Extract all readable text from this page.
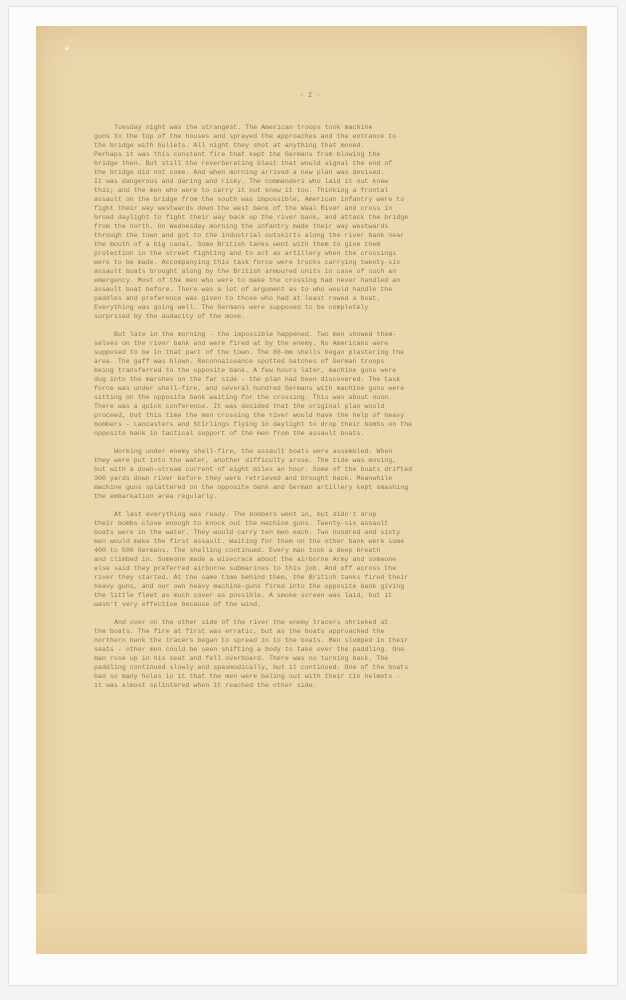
+
- 2 -
Tuesday night was the strangest. The American troops took machine
guns to the top of the houses and sprayed the approaches and the entrance to
the bridge with bullets. All night they shot at anything that moved.
Perhaps it was this constant fire that kept the Germans from blowing the
bridge then. But still the reverberating blast that would signal the end of
the bridge did not come. And when morning arrived a new plan was devised.
It was dangerous and daring and risky. The commanders who laid it out knew
this; and the men who were to carry it out knew it too. Thinking a frontal
assault on the bridge from the south was impossible, American infantry were to
fight their way westwards down the west bank of the Waal River and cross in
broad daylight to fight their way back up the river bank, and attack the bridge
from the north. On Wednesday morning the infantry made their way westwards
through the town and got to the industrial outskirts along the river bank near
the mouth of a big canal. Some British tanks went with them to give them
protection in the street fighting and to act as artillery when the crossings
were to be made. Accompanying this task force were trucks carrying twenty-six
assault boats brought along by the British armoured units in case of such an
emergency. Most of the men who were to make the crossing had never handled an
assault boat before. There was a lot of argument as to who would handle the
paddles and preference was given to those who had at least rowed a boat.
Everything was going well. The Germans were supposed to be completely
surprised by the audacity of the move.
But late in the morning - the impossible happened. Two men showed them-
selves on the river bank and were fired at by the enemy. No Americans were
supposed to be in that part of the town. The 88-mm shells began plastering the
area. The gaff was blown. Reconnaissance spotted batches of German troops
being transferred to the opposite bank. A few hours later, machine guns were
dug into the marshes on the far side - the plan had been discovered. The task
force was under shell-fire, and several hundred Germans with machine guns were
sitting on the opposite bank waiting for the crossing. This was about noon.
There was a quick conference. It was decided that the original plan would
proceed, but this time the men crossing the river would have the help of heavy
bombers - Lancasters and Stirlings flying in daylight to drop their bombs on the
opposite bank in tactical support of the men from the assault boats.
Working under enemy shell-fire, the assault boats were assembled. When
they were put into the water, another difficulty arose. The tide was moving,
but with a down-stream current of eight miles an hour. Some of the boats drifted
300 yards down river before they were retrieved and brought back. Meanwhile
machine guns splattered on the opposite bank and German artillery kept smashing
the embarkation area regularly.
At last everything was ready. The bombers went in, but didn't drop
their bombs close enough to knock out the machine guns. Twenty-six assault
boats were in the water. They would carry ten men each. Two hundred and sixty
men would make the first assault. Waiting for them on the other bank were some
400 to 500 Germans. The shelling continued. Every man took a deep breath
and climbed in. Someone made a wisecrack about the airborne Army and someone
else said they preferred airborne submarines to this job. And off across the
river they started. At the same time behind them, the British tanks fired their
heavy guns, and our own heavy machine-guns fired into the opposite bank giving
the little fleet as much cover as possible. A smoke screen was laid, but it
wasn't very effective because of the wind.
And over on the other side of the river the enemy tracers shrieked at
the boats. The fire at first was erratic, but as the boats approached the
northern bank the tracers began to spread in to the boats. Men slumped in their
seats - other men could be seen shifting a body to take over the paddling. One
man rose up in his seat and fell overboard. There was no turning back. The
paddling continued slowly and spasmodically, but it continued. One of the boats
had so many holes in it that the men were baling out with their tin helmets -
it was almost splintered when it reached the other side.
